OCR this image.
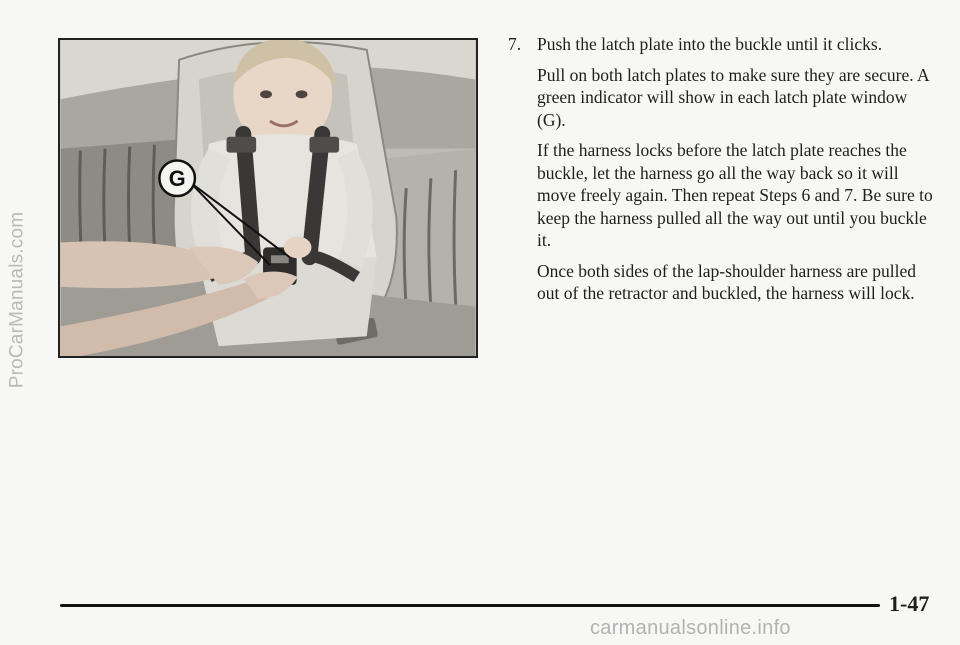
ProCarManuals.com
G
7. Push the latch plate into the buckle until it clicks.

Pull on both latch plates to make sure they are secure. A green indicator will show in each latch plate window (G).

If the harness locks before the latch plate reaches the buckle, let the harness go all the way back so it will move freely again. Then repeat Steps 6 and 7. Be sure to keep the harness pulled all the way out until you buckle it.

Once both sides of the lap-shoulder harness are pulled out of the retractor and buckled, the harness will lock.

1-47
carmanualsonline.info
